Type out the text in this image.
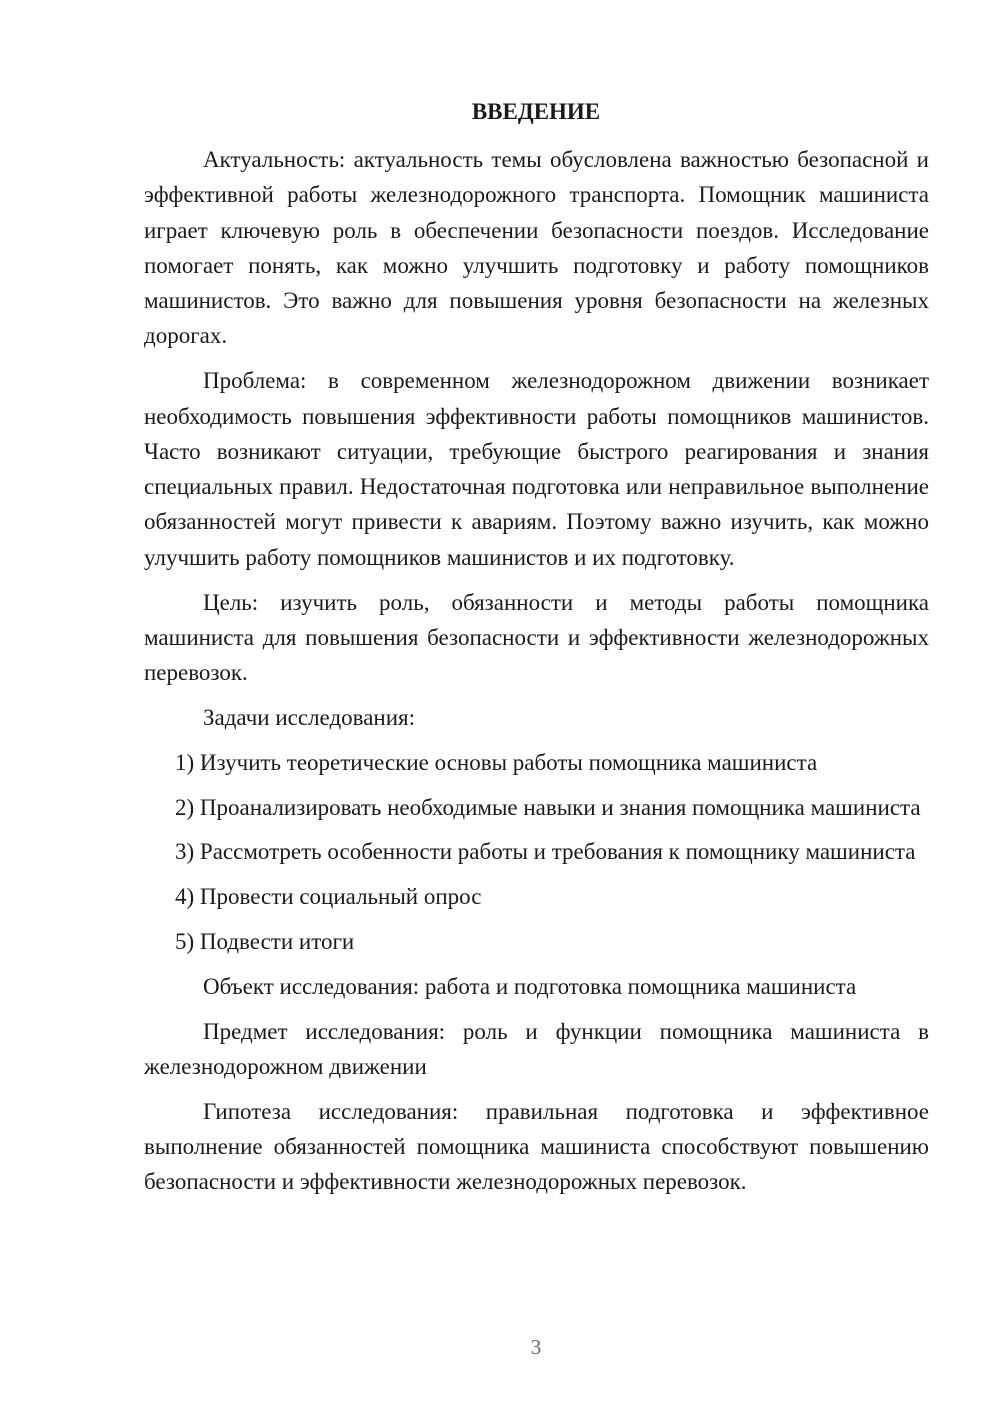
ВВЕДЕНИЕ

Актуальность: актуальность темы обусловлена важностью безопасной и эффективной работы железнодорожного транспорта. Помощник машиниста играет ключевую роль в обеспечении безопасности поездов. Исследование помогает понять, как можно улучшить подготовку и работу помощников машинистов. Это важно для повышения уровня безопасности на железных дорогах.

Проблема: в современном железнодорожном движении возникает необходимость повышения эффективности работы помощников машинистов. Часто возникают ситуации, требующие быстрого реагирования и знания специальных правил. Недостаточная подготовка или неправильное выполнение обязанностей могут привести к авариям. Поэтому важно изучить, как можно улучшить работу помощников машинистов и их подготовку.

Цель: изучить роль, обязанности и методы работы помощника машиниста для повышения безопасности и эффективности железнодорожных перевозок.

Задачи исследования:

1) Изучить теоретические основы работы помощника машиниста

2) Проанализировать необходимые навыки и знания помощника машиниста

3) Рассмотреть особенности работы и требования к помощнику машиниста

4) Провести социальный опрос

5) Подвести итоги

Объект исследования: работа и подготовка помощника машиниста

Предмет исследования: роль и функции помощника машиниста в железнодорожном движении

Гипотеза исследования: правильная подготовка и эффективное выполнение обязанностей помощника машиниста способствуют повышению безопасности и эффективности железнодорожных перевозок.

3
